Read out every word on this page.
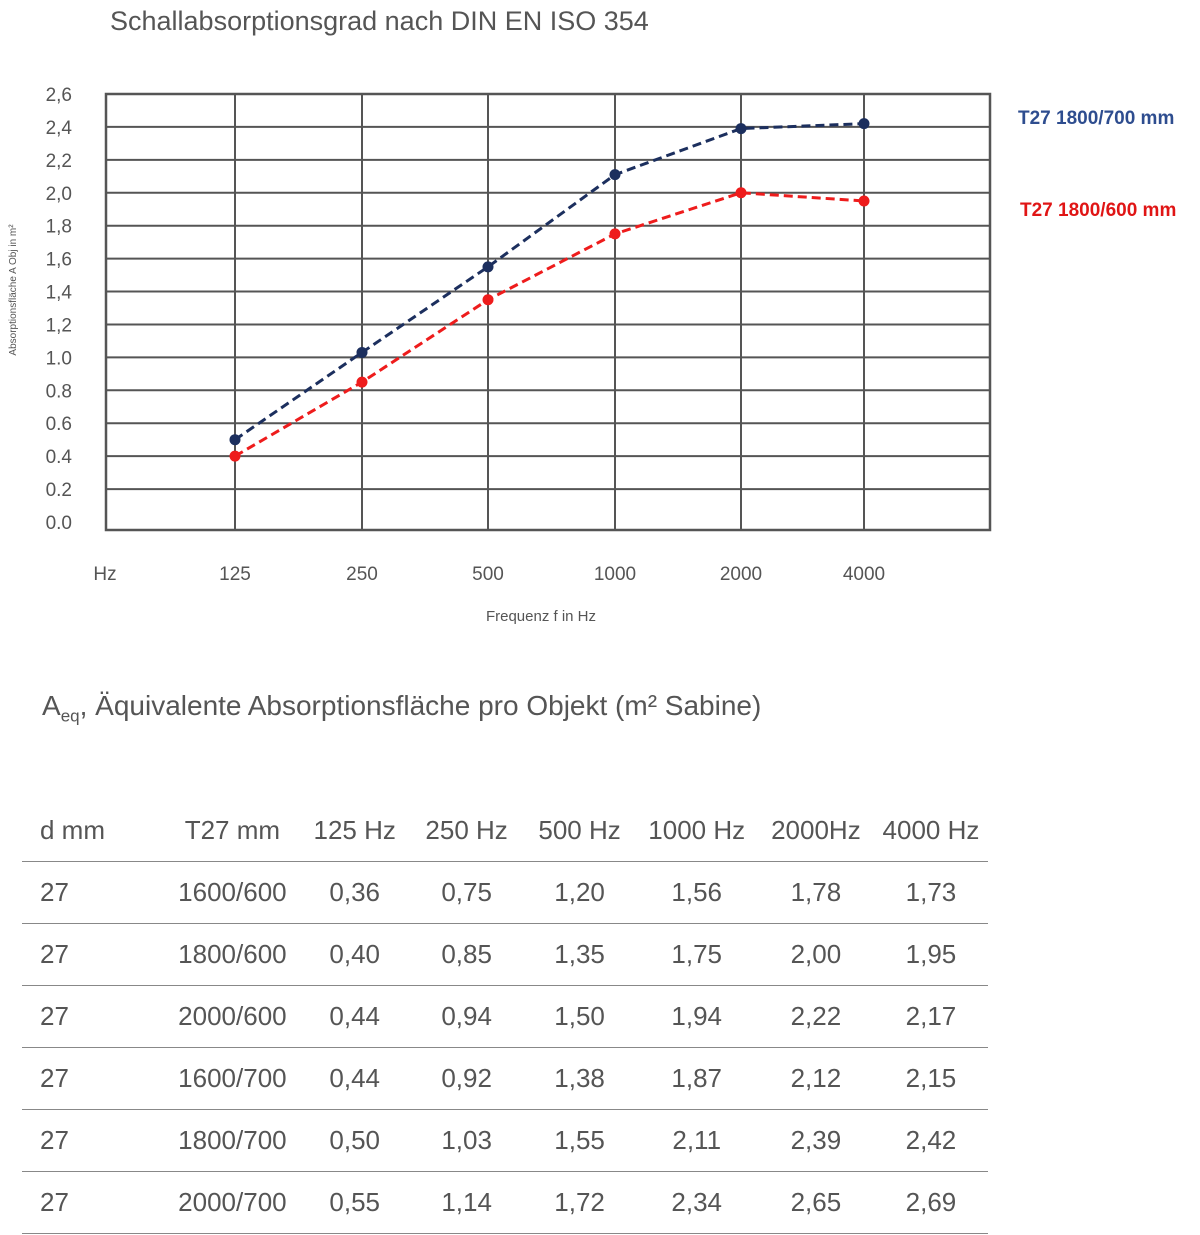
Schallabsorptionsgrad nach DIN EN ISO 354
0.0
0.2
0.4
0.6
0.8
1.0
1,2
1,4
1,6
1,8
2,0
2,2
2,4
2,6
125	250	500	1000	2000	4000
Frequenz f in Hz
Absorptionsfläche A Obj in m²
Hz
T27 1800/700 mm
T27 1800/600 mm
$A_{eq}$, Äquivalente Absorptionsfläche pro Objekt (m² Sabine)
d mm	T27 mm	125 Hz	250 Hz	500 Hz	1000 Hz	2000Hz	4000 Hz
27	1600/600	0,36	0,75	1,20	1,56	1,78	1,73
27	1800/600	0,40	0,85	1,35	1,75	2,00	1,95
27	2000/600	0,44	0,94	1,50	1,94	2,22	2,17
27	1600/700	0,44	0,92	1,38	1,87	2,12	2,15
27	1800/700	0,50	1,03	1,55	2,11	2,39	2,42
27	2000/700	0,55	1,14	1,72	2,34	2,65	2,69
